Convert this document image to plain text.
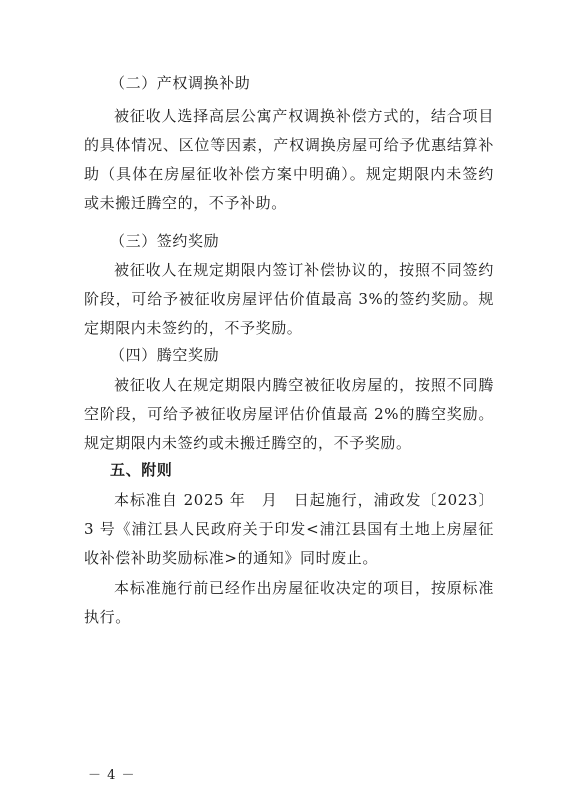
（二）产权调换补助

被征收人选择高层公寓产权调换补偿方式的，结合项目的具体情况、区位等因素，产权调换房屋可给予优惠结算补助（具体在房屋征收补偿方案中明确）。规定期限内未签约或未搬迁腾空的，不予补助。

（三）签约奖励

被征收人在规定期限内签订补偿协议的，按照不同签约阶段，可给予被征收房屋评估价值最高 3%的签约奖励。规定期限内未签约的，不予奖励。

（四）腾空奖励

被征收人在规定期限内腾空被征收房屋的，按照不同腾空阶段，可给予被征收房屋评估价值最高 2%的腾空奖励。规定期限内未签约或未搬迁腾空的，不予奖励。

五、附则

本标准自 2025 年　月　日起施行，浦政发〔2023〕3 号《浦江县人民政府关于印发<浦江县国有土地上房屋征收补偿补助奖励标准>的通知》同时废止。

本标准施行前已经作出房屋征收决定的项目，按原标准执行。

－ 4 －
